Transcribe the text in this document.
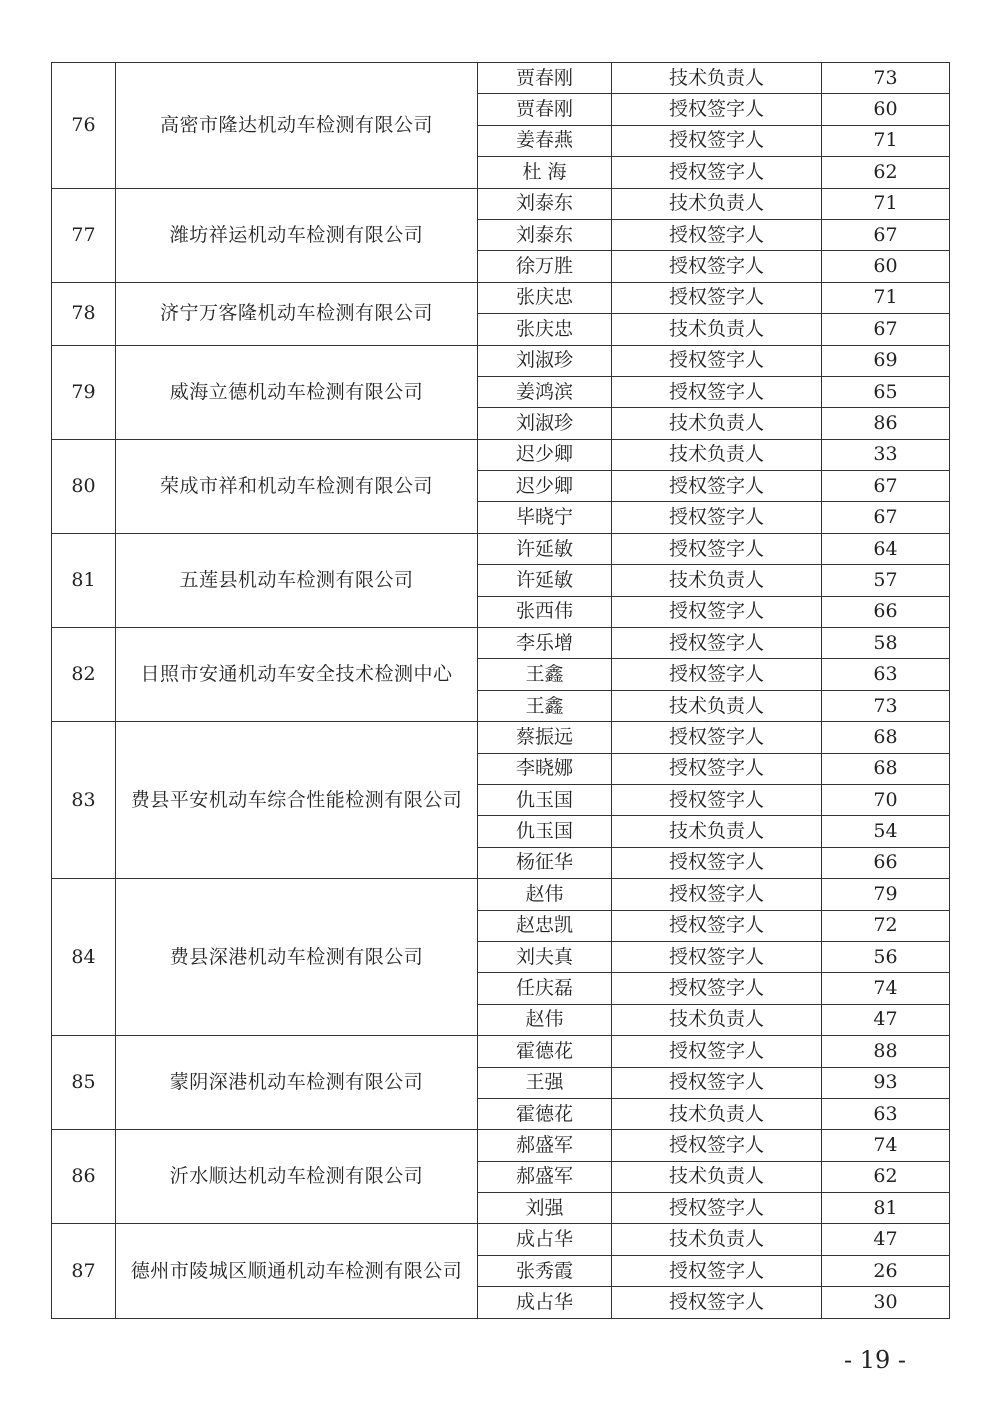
76	高密市隆达机动车检测有限公司	贾春刚	技术负责人	73
		贾春刚	授权签字人	60
		姜春燕	授权签字人	71
		杜 海	授权签字人	62
77	潍坊祥运机动车检测有限公司	刘泰东	技术负责人	71
		刘泰东	授权签字人	67
		徐万胜	授权签字人	60
78	济宁万客隆机动车检测有限公司	张庆忠	授权签字人	71
		张庆忠	技术负责人	67
79	威海立德机动车检测有限公司	刘淑珍	授权签字人	69
		姜鸿滨	授权签字人	65
		刘淑珍	技术负责人	86
80	荣成市祥和机动车检测有限公司	迟少卿	技术负责人	33
		迟少卿	授权签字人	67
		毕晓宁	授权签字人	67
81	五莲县机动车检测有限公司	许延敏	授权签字人	64
		许延敏	技术负责人	57
		张西伟	授权签字人	66
82	日照市安通机动车安全技术检测中心	李乐增	授权签字人	58
		王鑫	授权签字人	63
		王鑫	技术负责人	73
83	费县平安机动车综合性能检测有限公司	蔡振远	授权签字人	68
		李晓娜	授权签字人	68
		仇玉国	授权签字人	70
		仇玉国	技术负责人	54
		杨征华	授权签字人	66
84	费县深港机动车检测有限公司	赵伟	授权签字人	79
		赵忠凯	授权签字人	72
		刘夫真	授权签字人	56
		任庆磊	授权签字人	74
		赵伟	技术负责人	47
85	蒙阴深港机动车检测有限公司	霍德花	授权签字人	88
		王强	授权签字人	93
		霍德花	技术负责人	63
86	沂水顺达机动车检测有限公司	郝盛军	授权签字人	74
		郝盛军	技术负责人	62
		刘强	授权签字人	81
87	德州市陵城区顺通机动车检测有限公司	成占华	技术负责人	47
		张秀霞	授权签字人	26
		成占华	授权签字人	30
- 19 -
